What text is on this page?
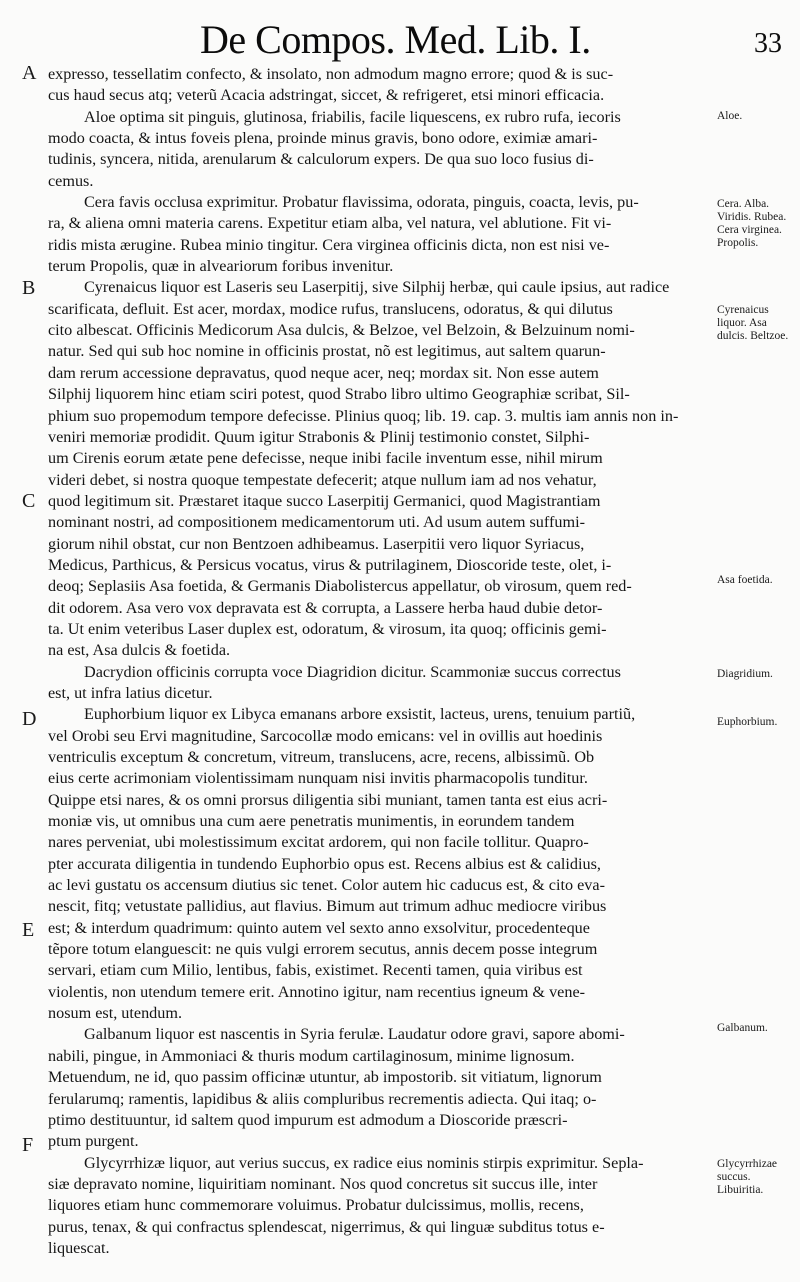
De Compos. Med. Lib. I.	33
A
B
C
D
E
F
Aloe.
Cera. Alba. Viridis. Rubea. Cera virginea. Propolis.
Cyrenaicus liquor. Asa dulcis. Beltzoe.
Asa foetida.
Diagridium.
Euphorbium.
Galbanum.
Glycyrrhizae succus. Libuiritia.

expresso, tessellatim confecto, & insolato, non admodum magno errore; quod & is suc-
cus haud secus atq; veterũ Acacia adstringat, siccet, & refrigeret, etsi minori efficacia.

Aloe optima sit pinguis, glutinosa, friabilis, facile liquescens, ex rubro rufa, iecoris
modo coacta, & intus foveis plena, proinde minus gravis, bono odore, eximiæ amari-
tudinis, syncera, nitida, arenularum & calculorum expers. De qua suo loco fusius di-
cemus.

Cera favis occlusa exprimitur. Probatur flavissima, odorata, pinguis, coacta, levis, pu-
ra, & aliena omni materia carens. Expetitur etiam alba, vel natura, vel ablutione. Fit vi-
ridis mista ærugine. Rubea minio tingitur. Cera virginea officinis dicta, non est nisi ve-
terum Propolis, quæ in alveariorum foribus invenitur.

Cyrenaicus liquor est Laseris seu Laserpitij, sive Silphij herbæ, qui caule ipsius, aut radice
scarificata, defluit. Est acer, mordax, modice rufus, translucens, odoratus, & qui dilutus
cito albescat. Officinis Medicorum Asa dulcis, & Belzoe, vel Belzoin, & Belzuinum nomi-
natur. Sed qui sub hoc nomine in officinis prostat, nõ est legitimus, aut saltem quarun-
dam rerum accessione depravatus, quod neque acer, neq; mordax sit. Non esse autem
Silphij liquorem hinc etiam sciri potest, quod Strabo libro ultimo Geographiæ scribat, Sil-
phium suo propemodum tempore defecisse. Plinius quoq; lib. 19. cap. 3. multis iam annis non in-
veniri memoriæ prodidit. Quum igitur Strabonis & Plinij testimonio constet, Silphi-
um Cirenis eorum ætate pene defecisse, neque inibi facile inventum esse, nihil mirum
videri debet, si nostra quoque tempestate defecerit; atque nullum iam ad nos vehatur,
quod legitimum sit. Præstaret itaque succo Laserpitij Germanici, quod Magistrantiam
nominant nostri, ad compositionem medicamentorum uti. Ad usum autem suffumi-
giorum nihil obstat, cur non Bentzoen adhibeamus. Laserpitii vero liquor Syriacus,
Medicus, Parthicus, & Persicus vocatus, virus & putrilaginem, Dioscoride teste, olet, i-
deoq; Seplasiis Asa foetida, & Germanis Diabolistercus appellatur, ob virosum, quem red-
dit odorem. Asa vero vox depravata est & corrupta, a Lassere herba haud dubie detor-
ta. Ut enim veteribus Laser duplex est, odoratum, & virosum, ita quoq; officinis gemi-
na est, Asa dulcis & foetida.

Dacrydion officinis corrupta voce Diagridion dicitur. Scammoniæ succus correctus
est, ut infra latius dicetur.

Euphorbium liquor ex Libyca emanans arbore exsistit, lacteus, urens, tenuium partiũ,
vel Orobi seu Ervi magnitudine, Sarcocollæ modo emicans: vel in ovillis aut hoedinis
ventriculis exceptum & concretum, vitreum, translucens, acre, recens, albissimũ. Ob
eius certe acrimoniam violentissimam nunquam nisi invitis pharmacopolis tunditur.
Quippe etsi nares, & os omni prorsus diligentia sibi muniant, tamen tanta est eius acri-
moniæ vis, ut omnibus una cum aere penetratis munimentis, in eorundem tandem
nares perveniat, ubi molestissimum excitat ardorem, qui non facile tollitur. Quapro-
pter accurata diligentia in tundendo Euphorbio opus est. Recens albius est & calidius,
ac levi gustatu os accensum diutius sic tenet. Color autem hic caducus est, & cito eva-
nescit, fitq; vetustate pallidius, aut flavius. Bimum aut trimum adhuc mediocre viribus
est; & interdum quadrimum: quinto autem vel sexto anno exsolvitur, procedenteque
tẽpore totum elanguescit: ne quis vulgi errorem secutus, annis decem posse integrum
servari, etiam cum Milio, lentibus, fabis, existimet. Recenti tamen, quia viribus est
violentis, non utendum temere erit. Annotino igitur, nam recentius igneum & vene-
nosum est, utendum.

Galbanum liquor est nascentis in Syria ferulæ. Laudatur odore gravi, sapore abomi-
nabili, pingue, in Ammoniaci & thuris modum cartilaginosum, minime lignosum.
Metuendum, ne id, quo passim officinæ utuntur, ab impostorib. sit vitiatum, lignorum
ferularumq; ramentis, lapidibus & aliis compluribus recrementis adiecta. Qui itaq; o-
ptimo destituuntur, id saltem quod impurum est admodum a Dioscoride præscri-
ptum purgent.

Glycyrrhizæ liquor, aut verius succus, ex radice eius nominis stirpis exprimitur. Sepla-
siæ depravato nomine, liquiritiam nominant. Nos quod concretus sit succus ille, inter
liquores etiam hunc commemorare voluimus. Probatur dulcissimus, mollis, recens,
purus, tenax, & qui confractus splendescat, nigerrimus, & qui linguæ subditus totus e-
liquescat.
